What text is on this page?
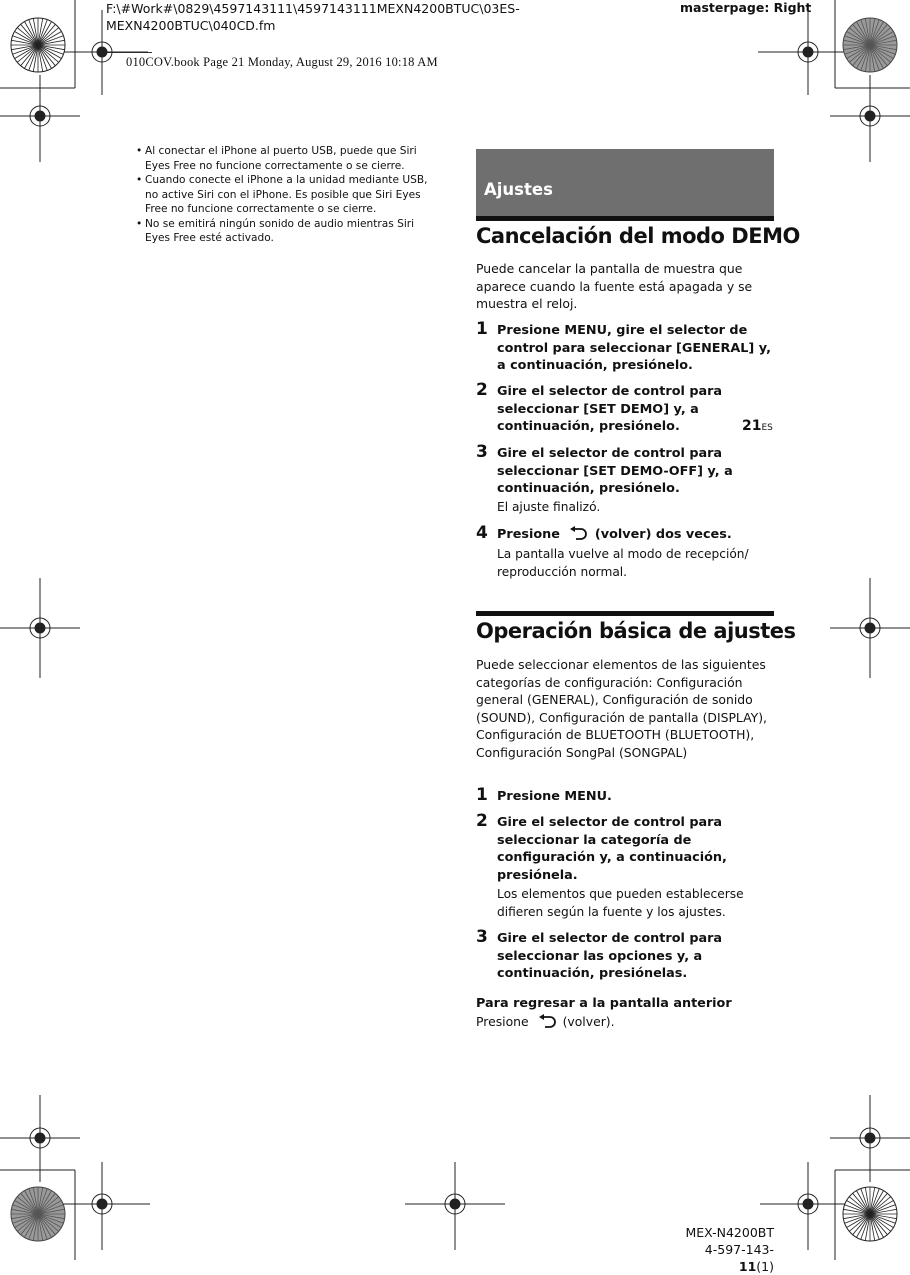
F:\#Work#\0829\4597143111\4597143111MEXN4200BTUC\03ES-
MEXN4200BTUC\040CD.fm
masterpage: Right
010COV.book Page 21 Monday, August 29, 2016 10:18 AM
• Al conectar el iPhone al puerto USB, puede que Siri Eyes Free no funcione correctamente o se cierre.
• Cuando conecte el iPhone a la unidad mediante USB, no active Siri con el iPhone. Es posible que Siri Eyes Free no funcione correctamente o se cierre.
• No se emitirá ningún sonido de audio mientras Siri Eyes Free esté activado.
Ajustes
Cancelación del modo DEMO
Puede cancelar la pantalla de muestra que aparece cuando la fuente está apagada y se muestra el reloj.
1 Presione MENU, gire el selector de control para seleccionar [GENERAL] y, a continuación, presiónelo.
2 Gire el selector de control para seleccionar [SET DEMO] y, a continuación, presiónelo.
3 Gire el selector de control para seleccionar [SET DEMO-OFF] y, a continuación, presiónelo.
El ajuste finalizó.
4 Presione	(volver) dos veces.
La pantalla vuelve al modo de recepción/ reproducción normal.
Operación básica de ajustes
Puede seleccionar elementos de las siguientes categorías de configuración: Configuración general (GENERAL), Configuración de sonido (SOUND), Configuración de pantalla (DISPLAY), Configuración de BLUETOOTH (BLUETOOTH), Configuración SongPal (SONGPAL)
1 Presione MENU.
2 Gire el selector de control para seleccionar la categoría de configuración y, a continuación, presiónela.
Los elementos que pueden establecerse difieren según la fuente y los ajustes.
3 Gire el selector de control para seleccionar las opciones y, a continuación, presiónelas.
Para regresar a la pantalla anterior
Presione	(volver).
21ES
MEX-N4200BT
4-597-143-11(1)
